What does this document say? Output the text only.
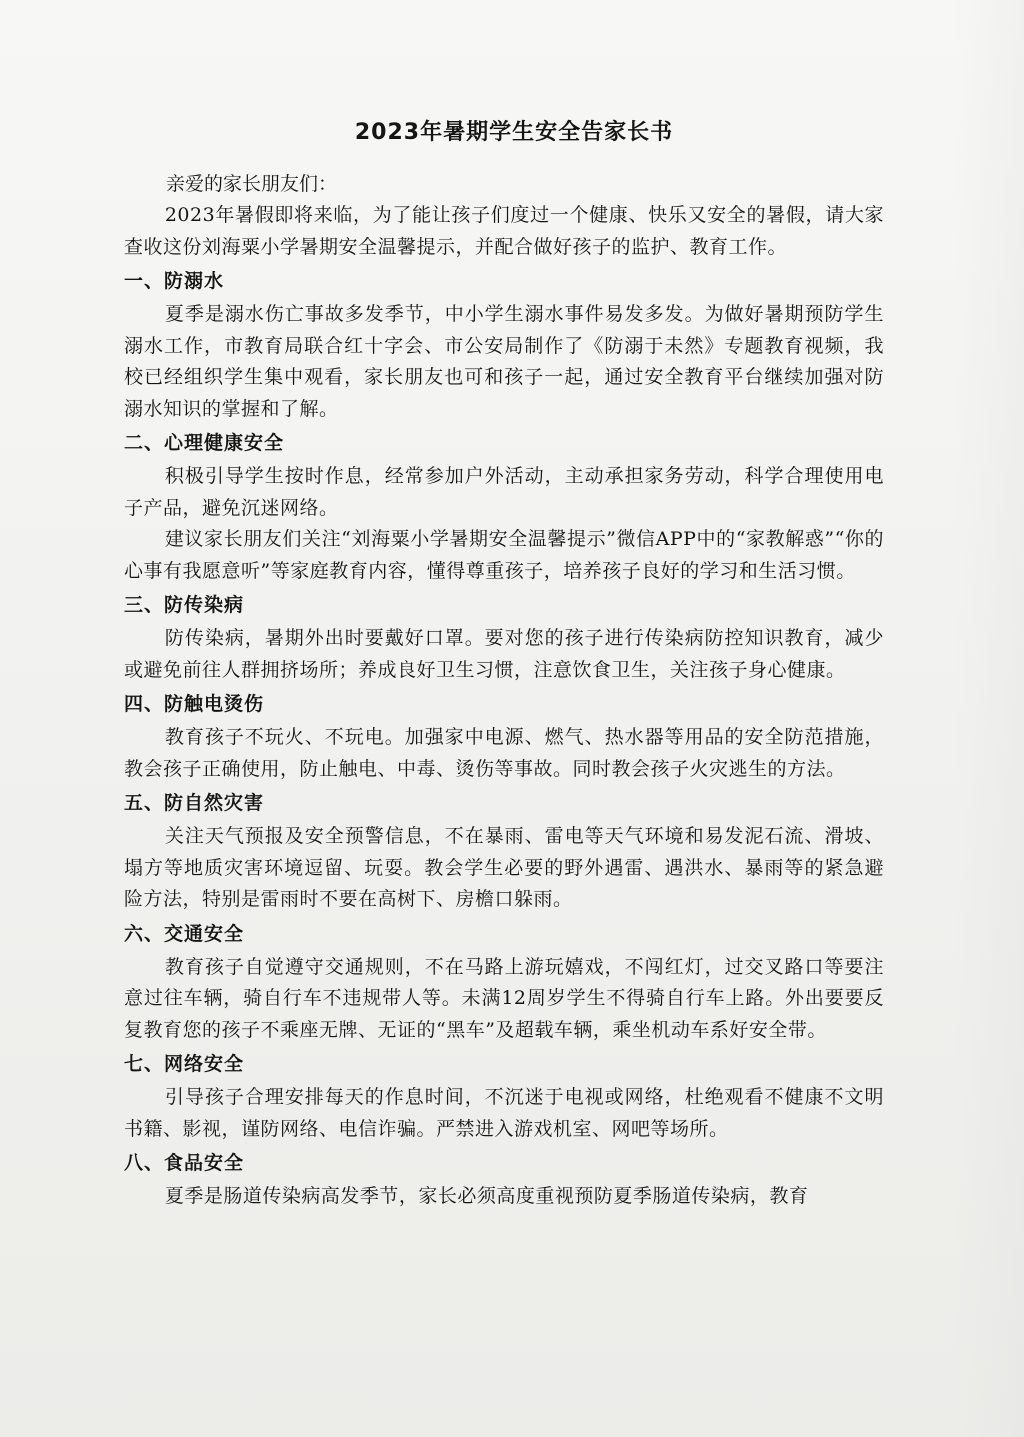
2023年暑期学生安全告家长书
亲爱的家长朋友们：

2023年暑假即将来临，为了能让孩子们度过一个健康、快乐又安全的暑假，请大家查收这份刘海粟小学暑期安全温馨提示，并配合做好孩子的监护、教育工作。

一、防溺水

夏季是溺水伤亡事故多发季节，中小学生溺水事件易发多发。为做好暑期预防学生溺水工作，市教育局联合红十字会、市公安局制作了《防溺于未然》专题教育视频，我校已经组织学生集中观看，家长朋友也可和孩子一起，通过安全教育平台继续加强对防溺水知识的掌握和了解。

二、心理健康安全

积极引导学生按时作息，经常参加户外活动，主动承担家务劳动，科学合理使用电子产品，避免沉迷网络。

建议家长朋友们关注“刘海粟小学暑期安全温馨提示”微信APP中的“家教解惑”“你的心事有我愿意听”等家庭教育内容，懂得尊重孩子，培养孩子良好的学习和生活习惯。

三、防传染病

防传染病，暑期外出时要戴好口罩。要对您的孩子进行传染病防控知识教育，减少或避免前往人群拥挤场所；养成良好卫生习惯，注意饮食卫生，关注孩子身心健康。

四、防触电烫伤

教育孩子不玩火、不玩电。加强家中电源、燃气、热水器等用品的安全防范措施，教会孩子正确使用，防止触电、中毒、烫伤等事故。同时教会孩子火灾逃生的方法。

五、防自然灾害

关注天气预报及安全预警信息，不在暴雨、雷电等天气环境和易发泥石流、滑坡、塌方等地质灾害环境逗留、玩耍。教会学生必要的野外遇雷、遇洪水、暴雨等的紧急避险方法，特别是雷雨时不要在高树下、房檐口躲雨。

六、交通安全

教育孩子自觉遵守交通规则，不在马路上游玩嬉戏，不闯红灯，过交叉路口等要注意过往车辆，骑自行车不违规带人等。未满12周岁学生不得骑自行车上路。外出要要反复教育您的孩子不乘座无牌、无证的“黑车”及超载车辆，乘坐机动车系好安全带。

七、网络安全

引导孩子合理安排每天的作息时间，不沉迷于电视或网络，杜绝观看不健康不文明书籍、影视，谨防网络、电信诈骗。严禁进入游戏机室、网吧等场所。

八、食品安全

夏季是肠道传染病高发季节，家长必须高度重视预防夏季肠道传染病，教育
